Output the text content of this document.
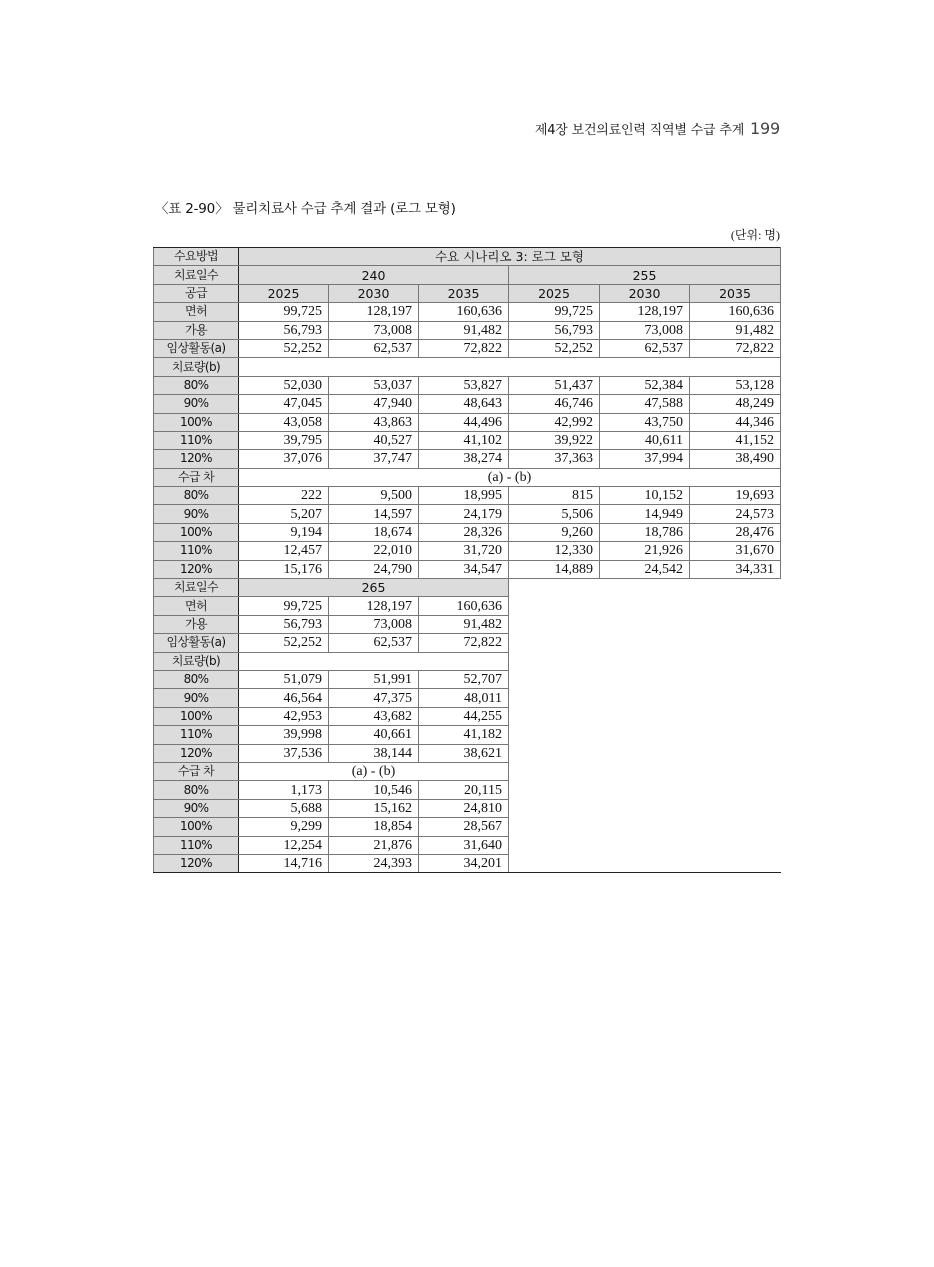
제4장 보건의료인력 직역별 수급 추계 199
〈표 2-90〉 물리치료사 수급 추계 결과 (로그 모형)
(단위: 명)
수요방법	수요 시나리오 3: 로그 모형					
치료일수	240			255		
공급	2025	2030	2035	2025	2030	2035
면허	99,725	128,197	160,636	99,725	128,197	160,636
가용	56,793	73,008	91,482	56,793	73,008	91,482
임상활동(a)	52,252	62,537	72,822	52,252	62,537	72,822
치료량(b)						
80%	52,030	53,037	53,827	51,437	52,384	53,128
90%	47,045	47,940	48,643	46,746	47,588	48,249
100%	43,058	43,863	44,496	42,992	43,750	44,346
110%	39,795	40,527	41,102	39,922	40,611	41,152
120%	37,076	37,747	38,274	37,363	37,994	38,490
수급 차	(a) - (b)					
80%	222	9,500	18,995	815	10,152	19,693
90%	5,207	14,597	24,179	5,506	14,949	24,573
100%	9,194	18,674	28,326	9,260	18,786	28,476
110%	12,457	22,010	31,720	12,330	21,926	31,670
120%	15,176	24,790	34,547	14,889	24,542	34,331
치료일수	265					
면허	99,725	128,197	160,636			
가용	56,793	73,008	91,482			
임상활동(a)	52,252	62,537	72,822			
치료량(b)						
80%	51,079	51,991	52,707			
90%	46,564	47,375	48,011			
100%	42,953	43,682	44,255			
110%	39,998	40,661	41,182			
120%	37,536	38,144	38,621			
수급 차	(a) - (b)					
80%	1,173	10,546	20,115			
90%	5,688	15,162	24,810			
100%	9,299	18,854	28,567			
110%	12,254	21,876	31,640			
120%	14,716	24,393	34,201			
